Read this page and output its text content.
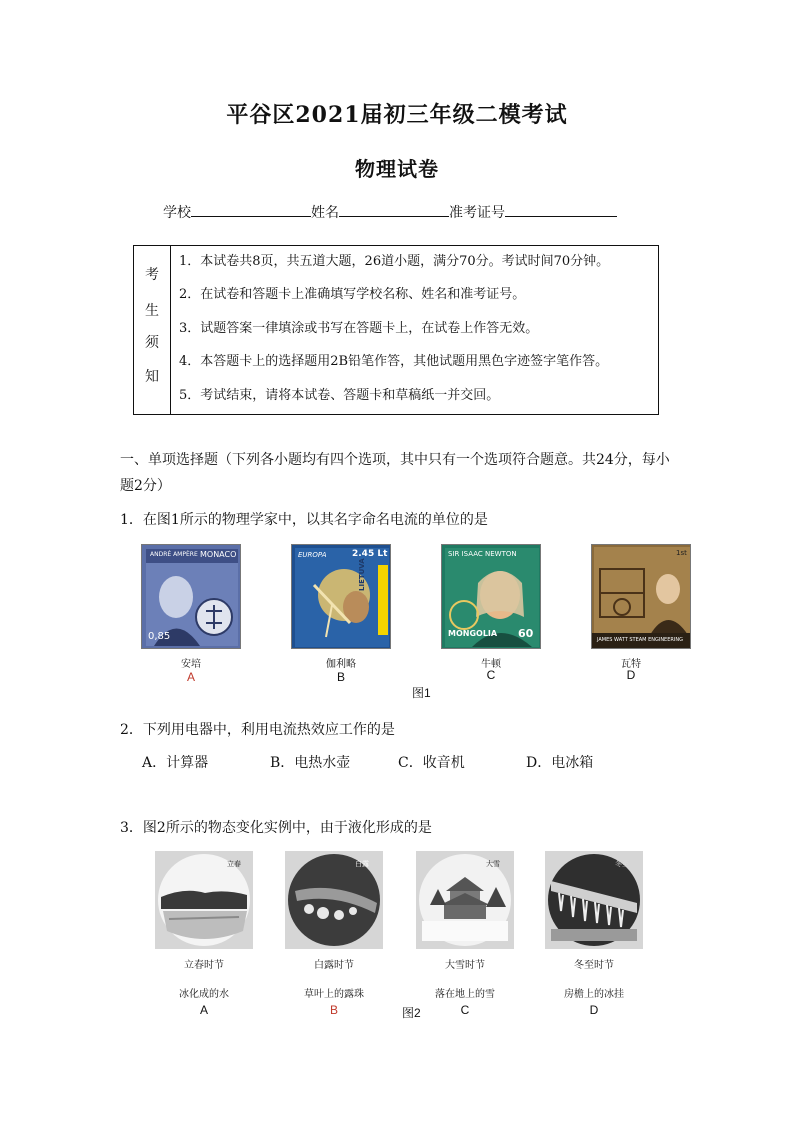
平谷区2021届初三年级二模考试
物理试卷
学校	姓名	准考证号
考
生
须
知
1．本试卷共8页，共五道大题，26道小题，满分70分。考试时间70分钟。
2．在试卷和答题卡上准确填写学校名称、姓名和准考证号。
3．试题答案一律填涂或书写在答题卡上，在试卷上作答无效。
4．本答题卡上的选择题用2B铅笔作答，其他试题用黑色字迹签字笔作答。
5．考试结束，请将本试卷、答题卡和草稿纸一并交回。
一、单项选择题（下列各小题均有四个选项，其中只有一个选项符合题意。共24分，每小
题2分）
1．在图1所示的物理学家中，以其名字命名电流的单位的是
ANDRÉ AMPÈRE MONACO
0,85
安培
A
EUROPA	2.45 Lt
LIETUVA
伽利略
B
SIR ISAAC NEWTON
MONGOLIA 60
牛顿
C
1st
JAMES WATT STEAM ENGINEERING
瓦特
D
图1
2．下列用电器中，利用电流热效应工作的是
A．计算器	B．电热水壶	C．收音机	D．电冰箱
3．图2所示的物态变化实例中，由于液化形成的是
立春
立春时节
冰化成的水
A
白露
白露时节
草叶上的露珠
B
大雪
大雪时节
落在地上的雪
C
冬至
冬至时节
房檐上的冰挂
D
图2
